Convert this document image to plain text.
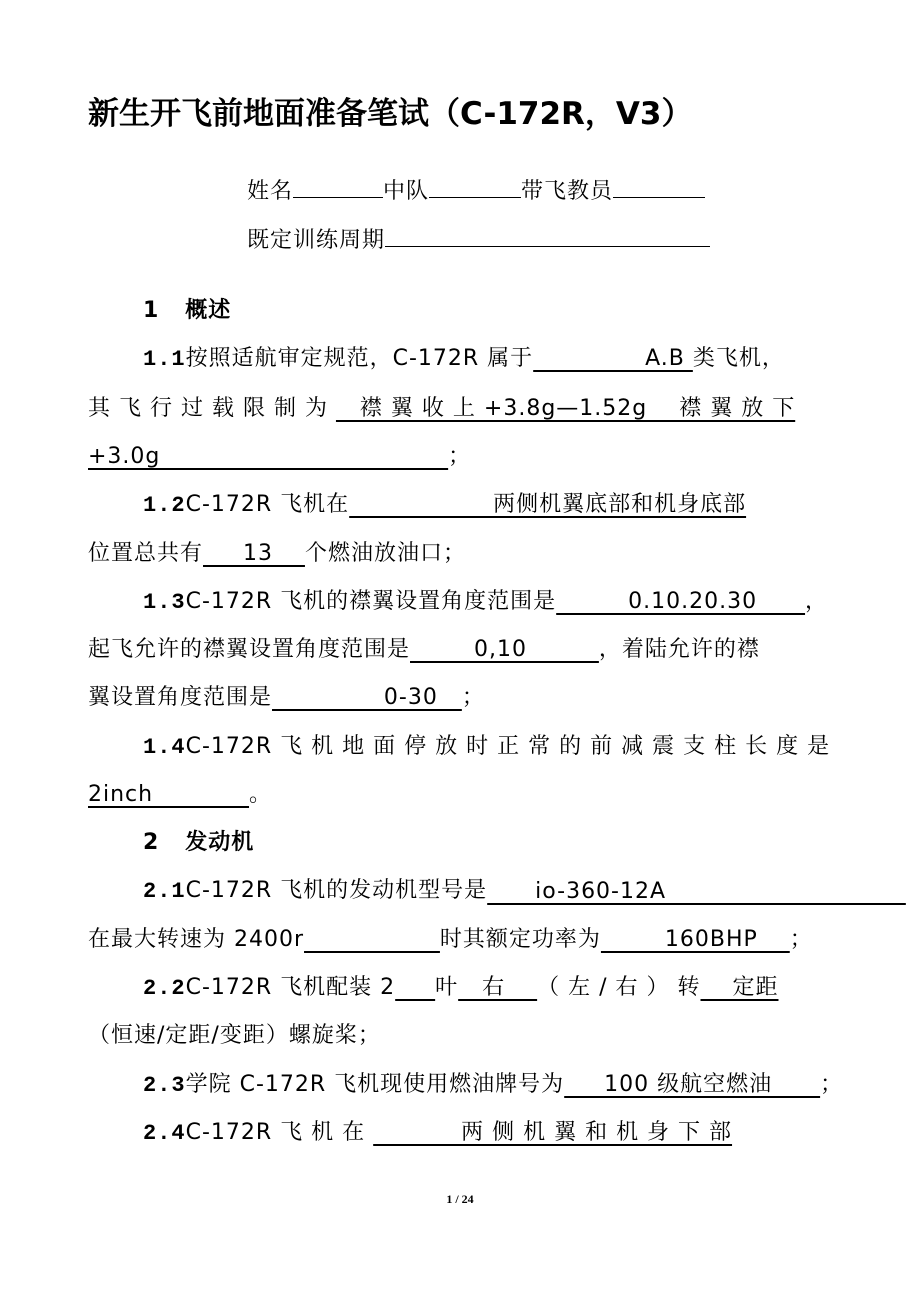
新生开飞前地面准备笔试（C-172R，V3）
姓名	中队	带飞教员
既定训练周期
1 概述
1.1按照适航审定规范，C-172R 属于              A.B 类飞机，
其 飞 行 过 载 限 制 为    襟 翼 收 上 +3.8g—1.52g    襟 翼 放 下
+3.0g                                    ；
1.2C-172R 飞机在                  两侧机翼底部和机身底部
位置总共有     13    个燃油放油口；
1.3C-172R 飞机的襟翼设置角度范围是         0.10.20.30      ，
起飞允许的襟翼设置角度范围是        0,10         ，着陆允许的襟
翼设置角度范围是              0-30   ；
1.4C-172R 飞 机 地 面 停 放 时 正 常 的 前 减 震 支 柱 长 度 是
2inch            。
2 发动机
2.1C-172R 飞机的发动机型号是      io-360-12A
在最大转速为 2400r	时其额定功率为        160BHP    ；
2.2C-172R 飞机配装 2 叶   右    （ 左 / 右 ） 转    定距
（恒速/定距/变距）螺旋桨；
2.3学院 C-172R 飞机现使用燃油牌号为     100 级航空燃油      ；
2.4C-172R 飞 机 在            两 侧 机 翼 和 机 身 下 部
1 / 24
